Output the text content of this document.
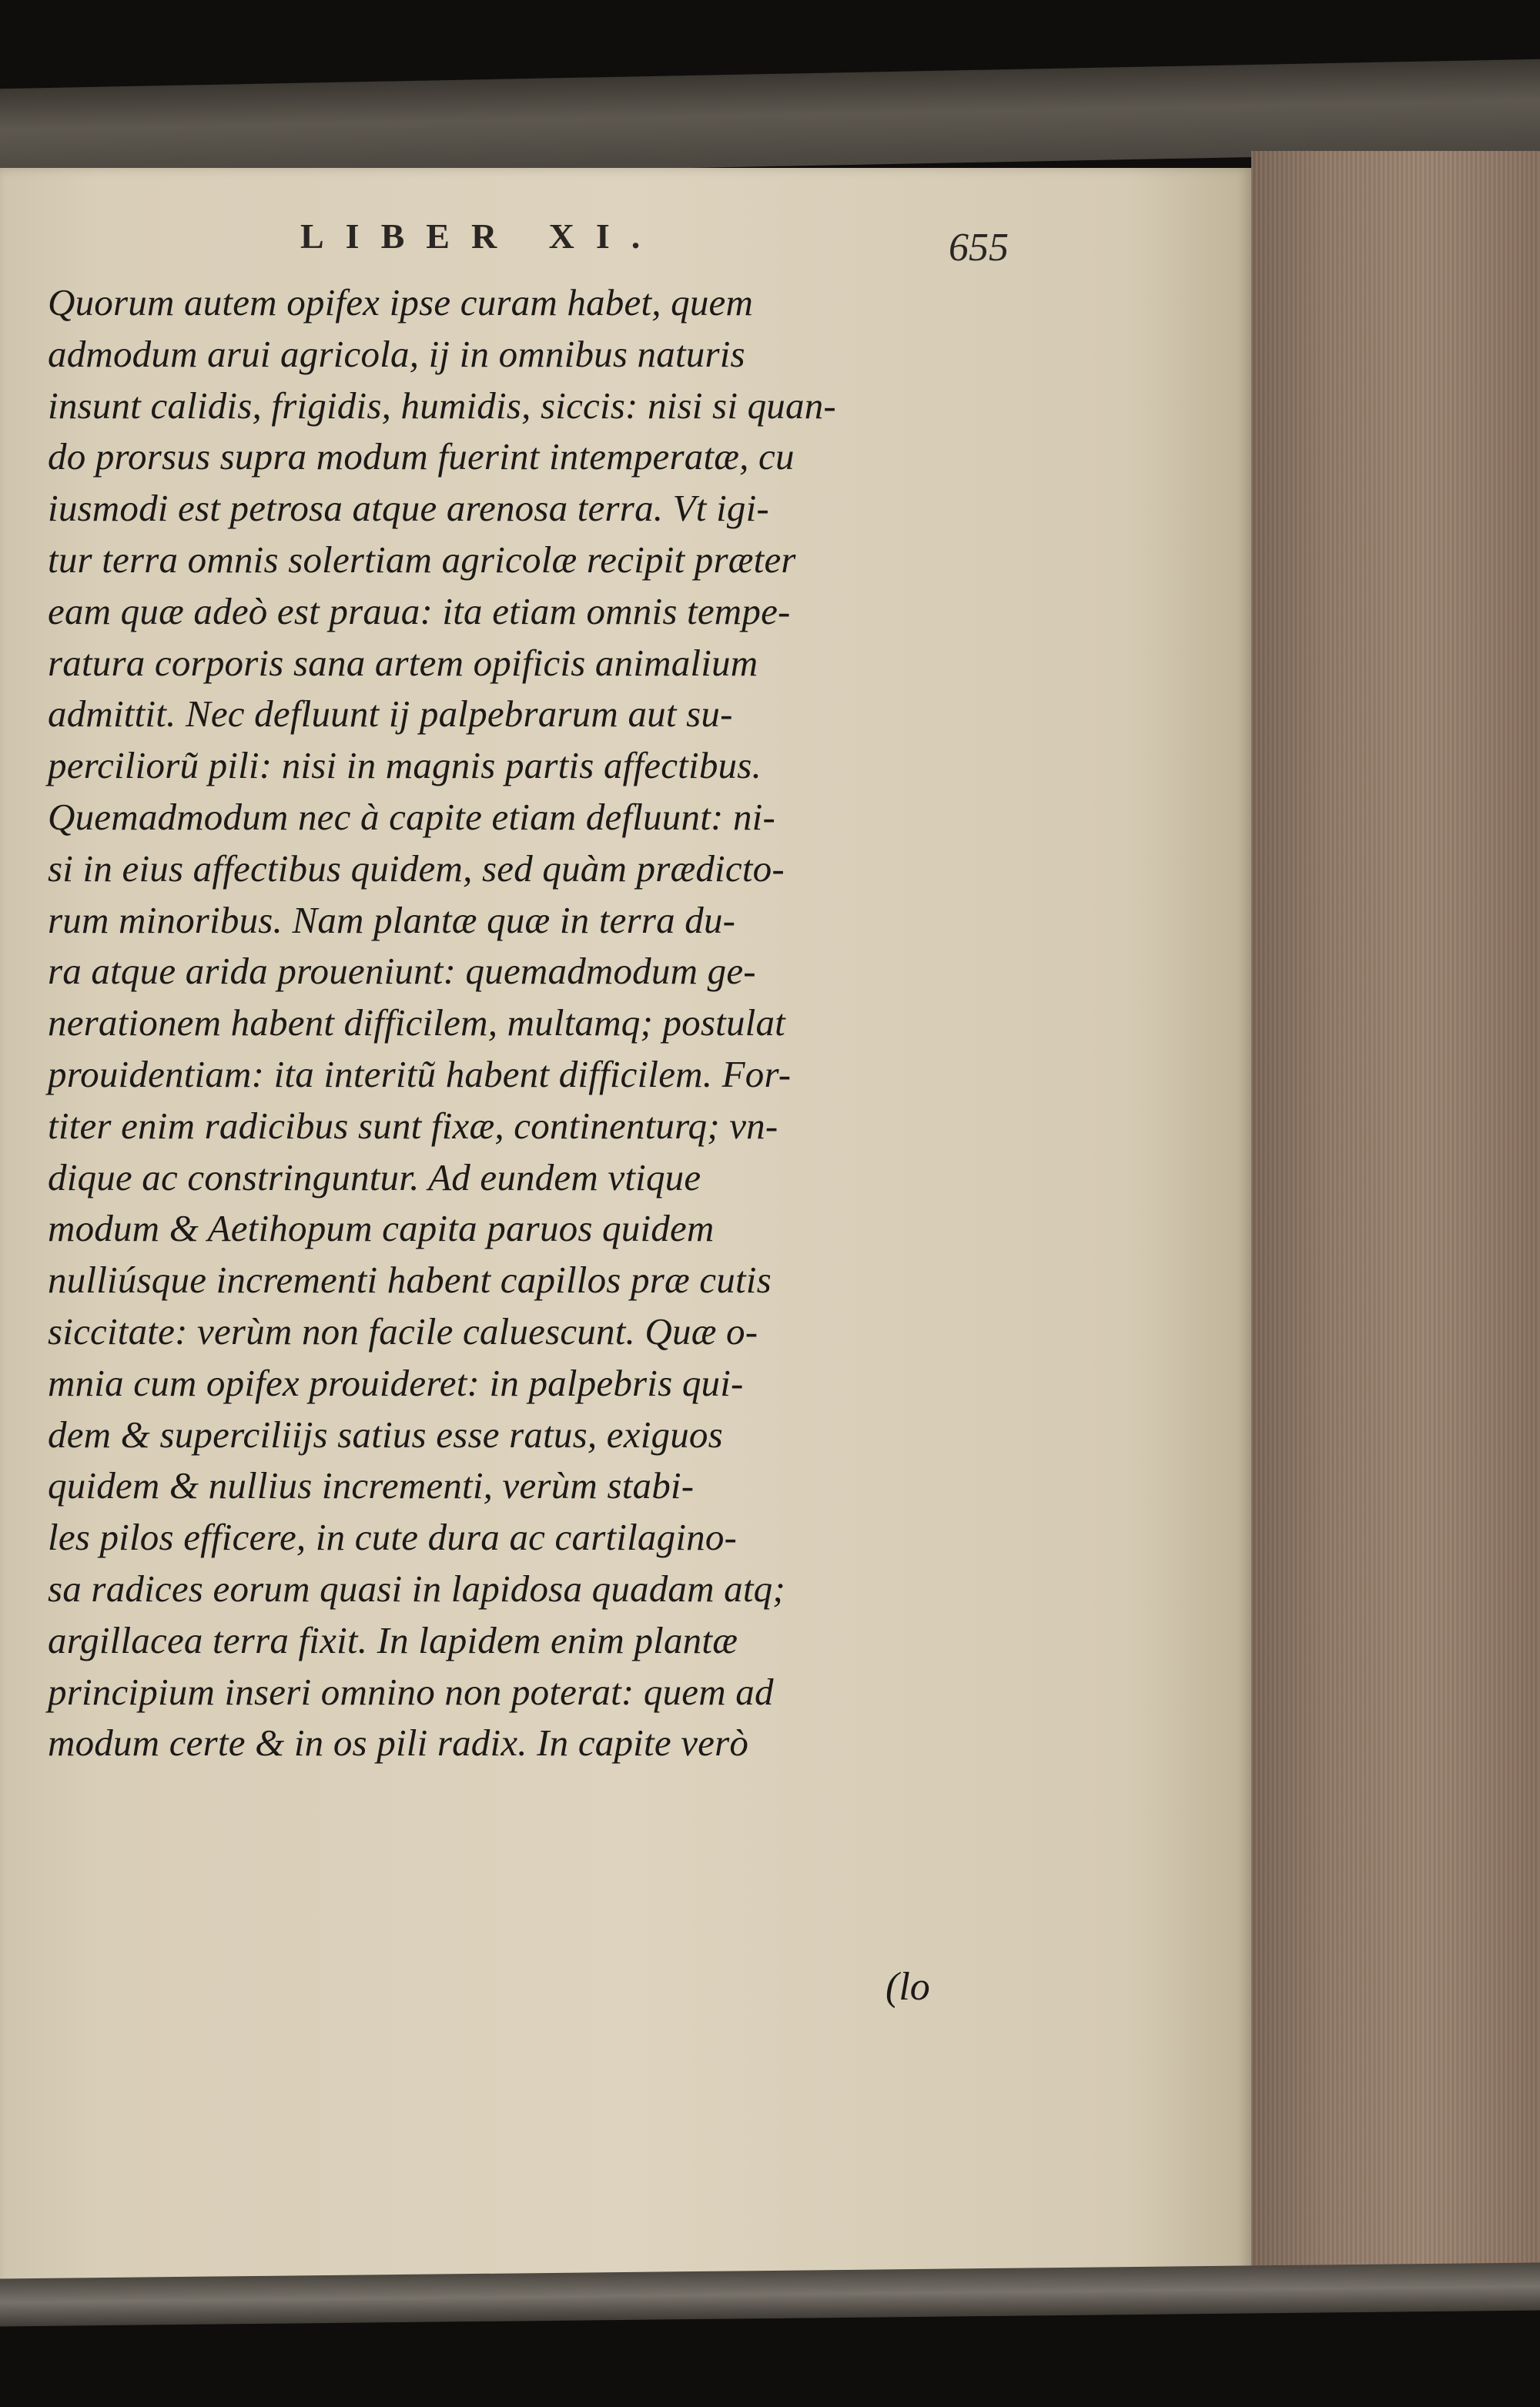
LIBER XI.	655
Quorum autem opifex ipse curam habet, quem
admodum arui agricola, ij in omnibus naturis
insunt calidis, frigidis, humidis, siccis: nisi si quan-
do prorsus supra modum fuerint intemperatæ, cu
iusmodi est petrosa atque arenosa terra. Vt igi-
tur terra omnis solertiam agricolæ recipit præter
eam quæ adeò est praua: ita etiam omnis tempe-
ratura corporis sana artem opificis animalium
admittit. Nec defluunt ij palpebrarum aut su-
perciliorũ pili: nisi in magnis partis affectibus.
Quemadmodum nec à capite etiam defluunt: ni-
si in eius affectibus quidem, sed quàm prædicto-
rum minoribus. Nam plantæ quæ in terra du-
ra atque arida proueniunt: quemadmodum ge-
nerationem habent difficilem, multamq; postulat
prouidentiam: ita interitũ habent difficilem. For-
titer enim radicibus sunt fixæ, continenturq; vn-
dique ac constringuntur. Ad eundem vtique
modum & Aetihopum capita paruos quidem
nulliúsque incrementi habent capillos præ cutis
siccitate: verùm non facile caluescunt. Quæ o-
mnia cum opifex prouideret: in palpebris qui-
dem & superciliijs satius esse ratus, exiguos
quidem & nullius incrementi, verùm stabi-
les pilos efficere, in cute dura ac cartilagino-
sa radices eorum quasi in lapidosa quadam atq;
argillacea terra fixit. In lapidem enim plantæ
principium inseri omnino non poterat: quem ad
modum certe & in os pili radix. In capite verò
(lo
